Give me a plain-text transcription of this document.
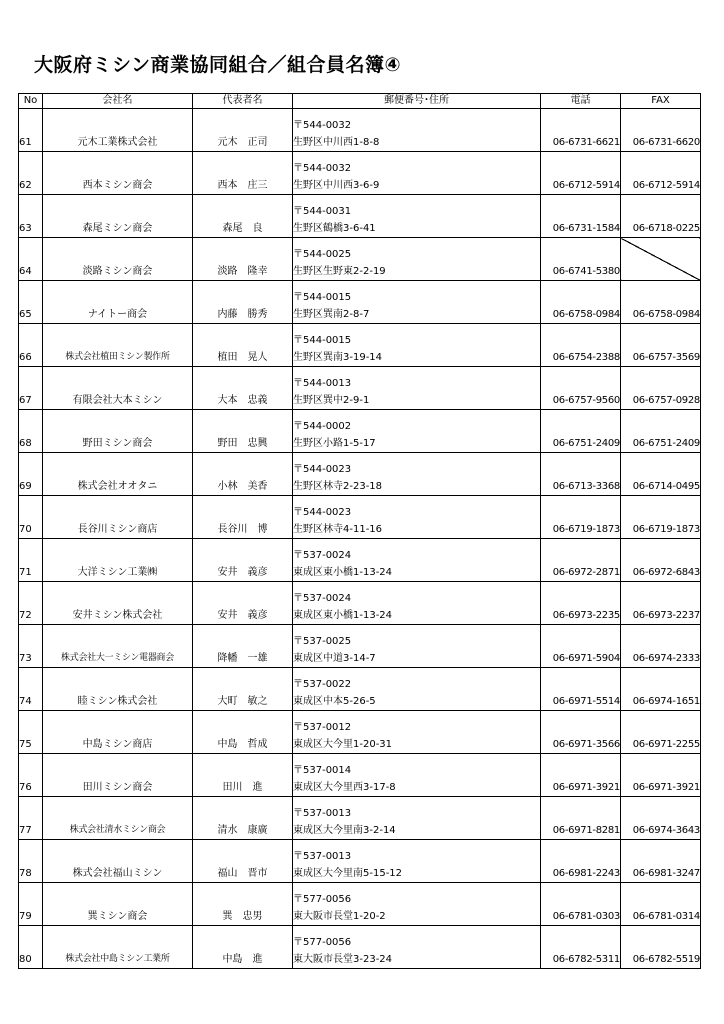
大阪府ミシン商業協同組合／組合員名簿④
No	会社名	代表者名	郵便番号･住所	電話	FAX
61	元木工業株式会社	元木　正司	〒544-0032
生野区中川西1-8-8	06-6731-6621	06-6731-6620
62	西本ミシン商会	西本　庄三	〒544-0032
生野区中川西3-6-9	06-6712-5914	06-6712-5914
63	森尾ミシン商会	森尾　良	〒544-0031
生野区鶴橋3-6-41	06-6731-1584	06-6718-0225
64	淡路ミシン商会	淡路　隆幸	〒544-0025
生野区生野東2-2-19	06-6741-5380	
65	ナイトー商会	内藤　勝秀	〒544-0015
生野区巽南2-8-7	06-6758-0984	06-6758-0984
66	株式会社植田ミシン製作所	植田　晃人	〒544-0015
生野区巽南3-19-14	06-6754-2388	06-6757-3569
67	有限会社大本ミシン	大本　忠義	〒544-0013
生野区巽中2-9-1	06-6757-9560	06-6757-0928
68	野田ミシン商会	野田　忠興	〒544-0002
生野区小路1-5-17	06-6751-2409	06-6751-2409
69	株式会社オオタニ	小林　美香	〒544-0023
生野区林寺2-23-18	06-6713-3368	06-6714-0495
70	長谷川ミシン商店	長谷川　博	〒544-0023
生野区林寺4-11-16	06-6719-1873	06-6719-1873
71	大洋ミシン工業㈱	安井　義彦	〒537-0024
東成区東小橋1-13-24	06-6972-2871	06-6972-6843
72	安井ミシン株式会社	安井　義彦	〒537-0024
東成区東小橋1-13-24	06-6973-2235	06-6973-2237
73	株式会社大一ミシン電器商会	降幡　一雄	〒537-0025
東成区中道3-14-7	06-6971-5904	06-6974-2333
74	睦ミシン株式会社	大町　敏之	〒537-0022
東成区中本5-26-5	06-6971-5514	06-6974-1651
75	中島ミシン商店	中島　哲成	〒537-0012
東成区大今里1-20-31	06-6971-3566	06-6971-2255
76	田川ミシン商会	田川　進	〒537-0014
東成区大今里西3-17-8	06-6971-3921	06-6971-3921
77	株式会社清水ミシン商会	清水　康廣	〒537-0013
東成区大今里南3-2-14	06-6971-8281	06-6974-3643
78	株式会社福山ミシン	福山　晋市	〒537-0013
東成区大今里南5-15-12	06-6981-2243	06-6981-3247
79	巽ミシン商会	巽　忠男	〒577-0056
東大阪市長堂1-20-2	06-6781-0303	06-6781-0314
80	株式会社中島ミシン工業所	中島　進	〒577-0056
東大阪市長堂3-23-24	06-6782-5311	06-6782-5519
